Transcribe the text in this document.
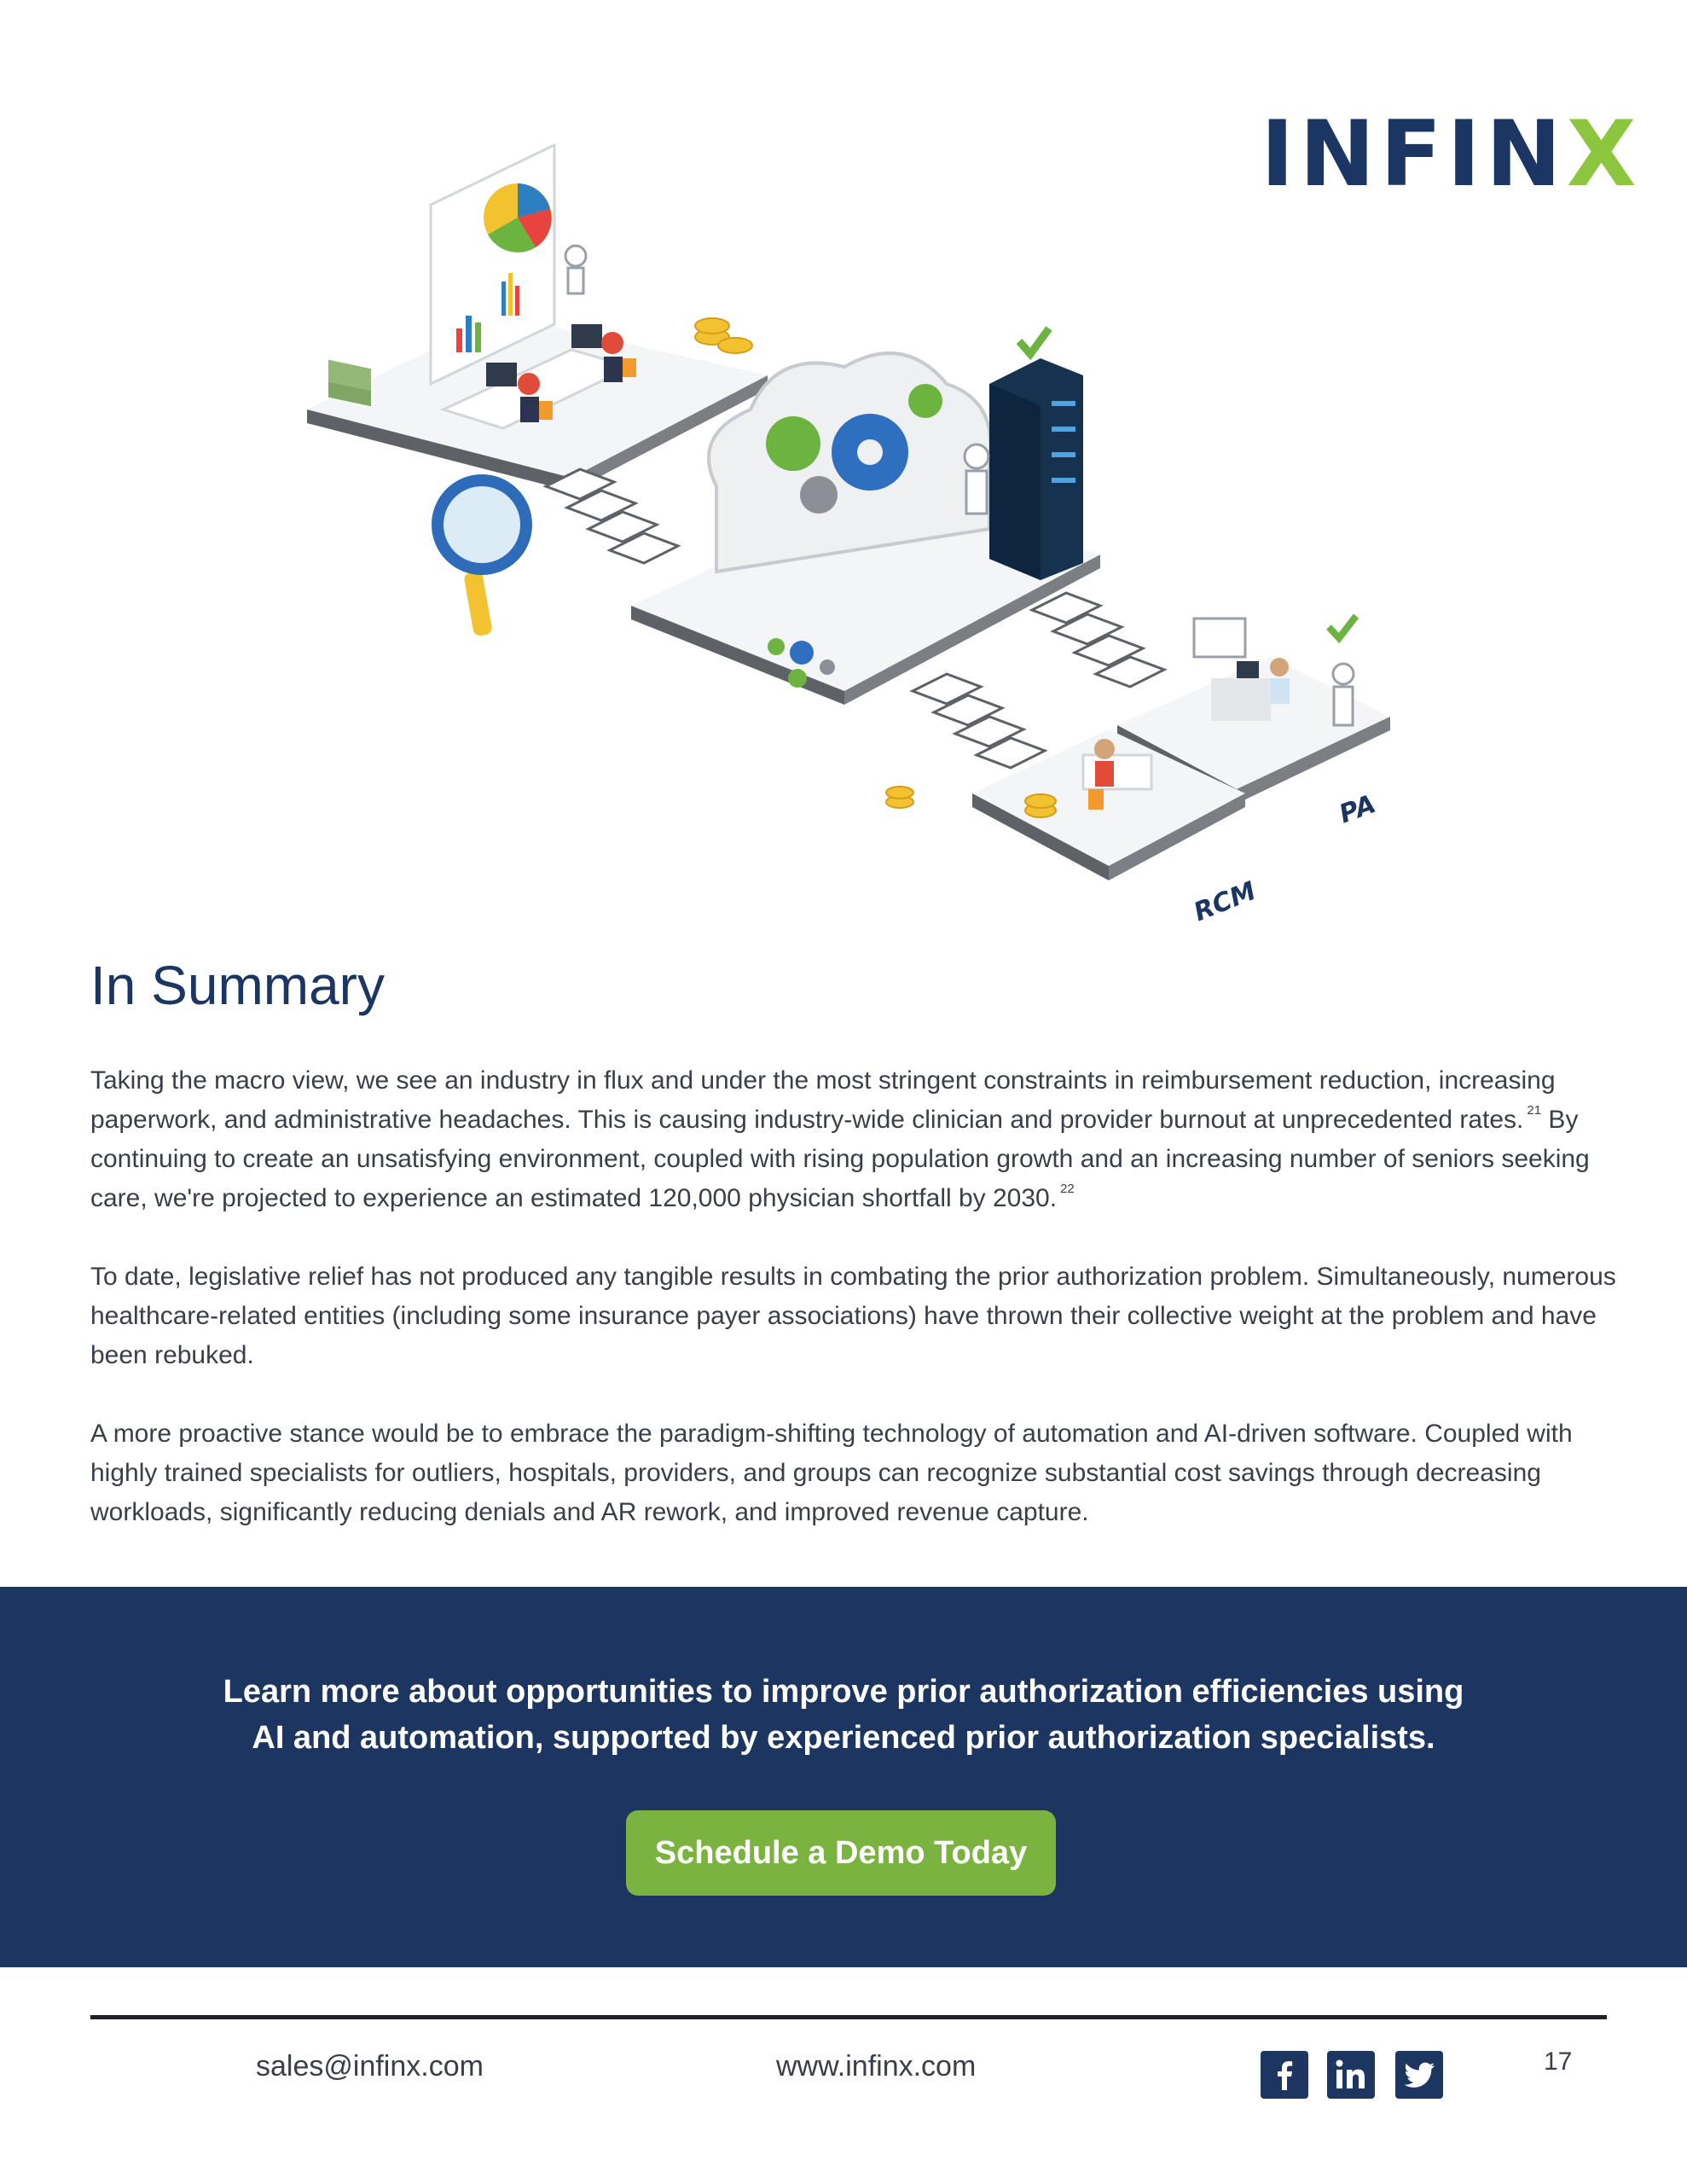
INFINX
PA
RCM
In Summary

Taking the macro view, we see an industry in flux and under the most stringent constraints in reimbursement reduction, increasing paperwork, and administrative headaches. This is causing industry-wide clinician and provider burnout at unprecedented rates. $^{21}$ By continuing to create an unsatisfying environment, coupled with rising population growth and an increasing number of seniors seeking care, we're projected to experience an estimated 120,000 physician shortfall by 2030. $^{22}$

To date, legislative relief has not produced any tangible results in combating the prior authorization problem. Simultaneously, numerous healthcare-related entities (including some insurance payer associations) have thrown their collective weight at the problem and have been rebuked.

A more proactive stance would be to embrace the paradigm-shifting technology of automation and AI-driven software. Coupled with highly trained specialists for outliers, hospitals, providers, and groups can recognize substantial cost savings through decreasing workloads, significantly reducing denials and AR rework, and improved revenue capture.

Learn more about opportunities to improve prior authorization efficiencies using
AI and automation, supported by experienced prior authorization specialists.
Schedule a Demo Today
sales@infinx.com	www.infinx.com	17
